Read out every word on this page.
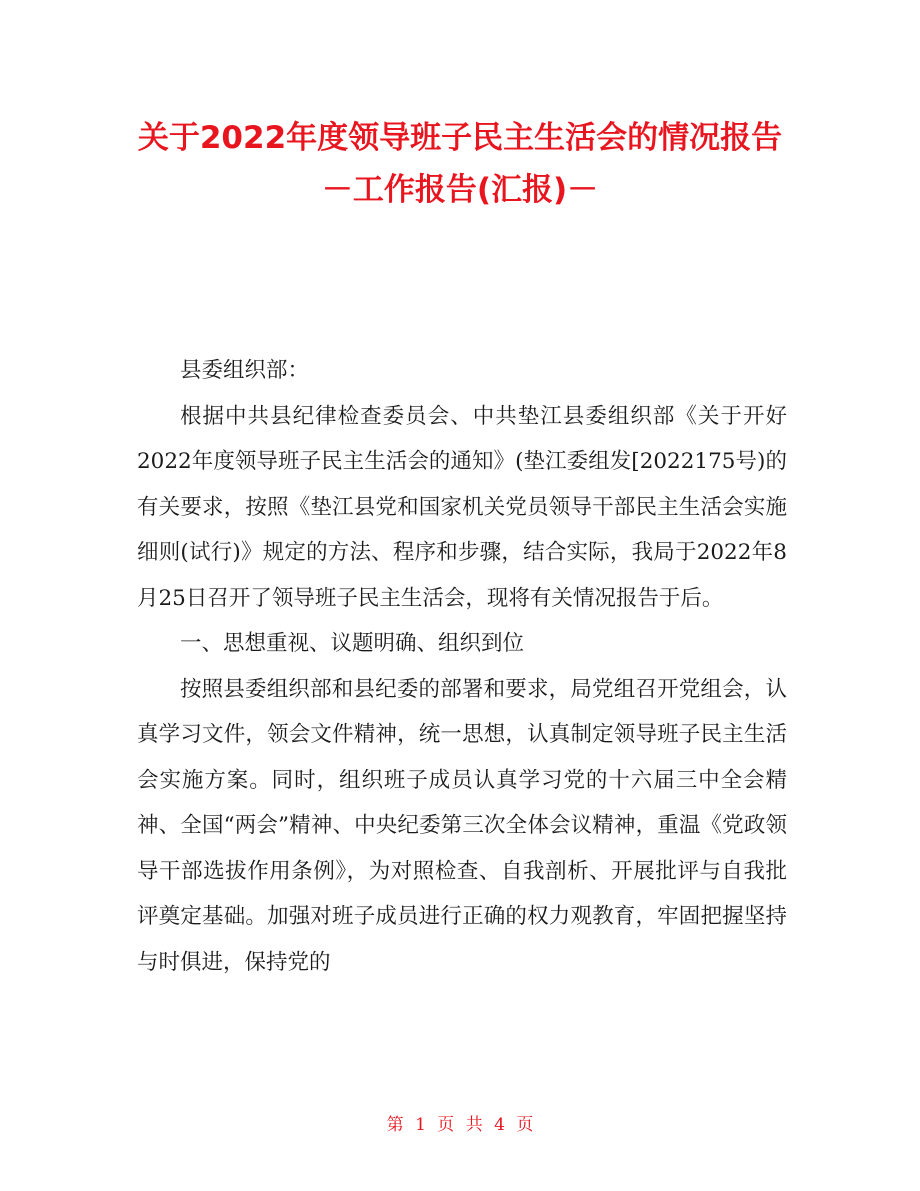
关于2022年度领导班子民主生活会的情况报告
－工作报告(汇报)－

县委组织部：

根据中共县纪律检查委员会、中共垫江县委组织部《关于开好2022年度领导班子民主生活会的通知》(垫江委组发[2022175号)的有关要求，按照《垫江县党和国家机关党员领导干部民主生活会实施细则(试行)》规定的方法、程序和步骤，结合实际，我局于2022年8月25日召开了领导班子民主生活会，现将有关情况报告于后。

一、思想重视、议题明确、组织到位

按照县委组织部和县纪委的部署和要求，局党组召开党组会，认真学习文件，领会文件精神，统一思想，认真制定领导班子民主生活会实施方案。同时，组织班子成员认真学习党的十六届三中全会精神、全国“两会”精神、中央纪委第三次全体会议精神，重温《党政领导干部选拔作用条例》，为对照检查、自我剖析、开展批评与自我批评奠定基础。加强对班子成员进行正确的权力观教育，牢固把握坚持与时俱进，保持党的

第 1 页 共 4 页
